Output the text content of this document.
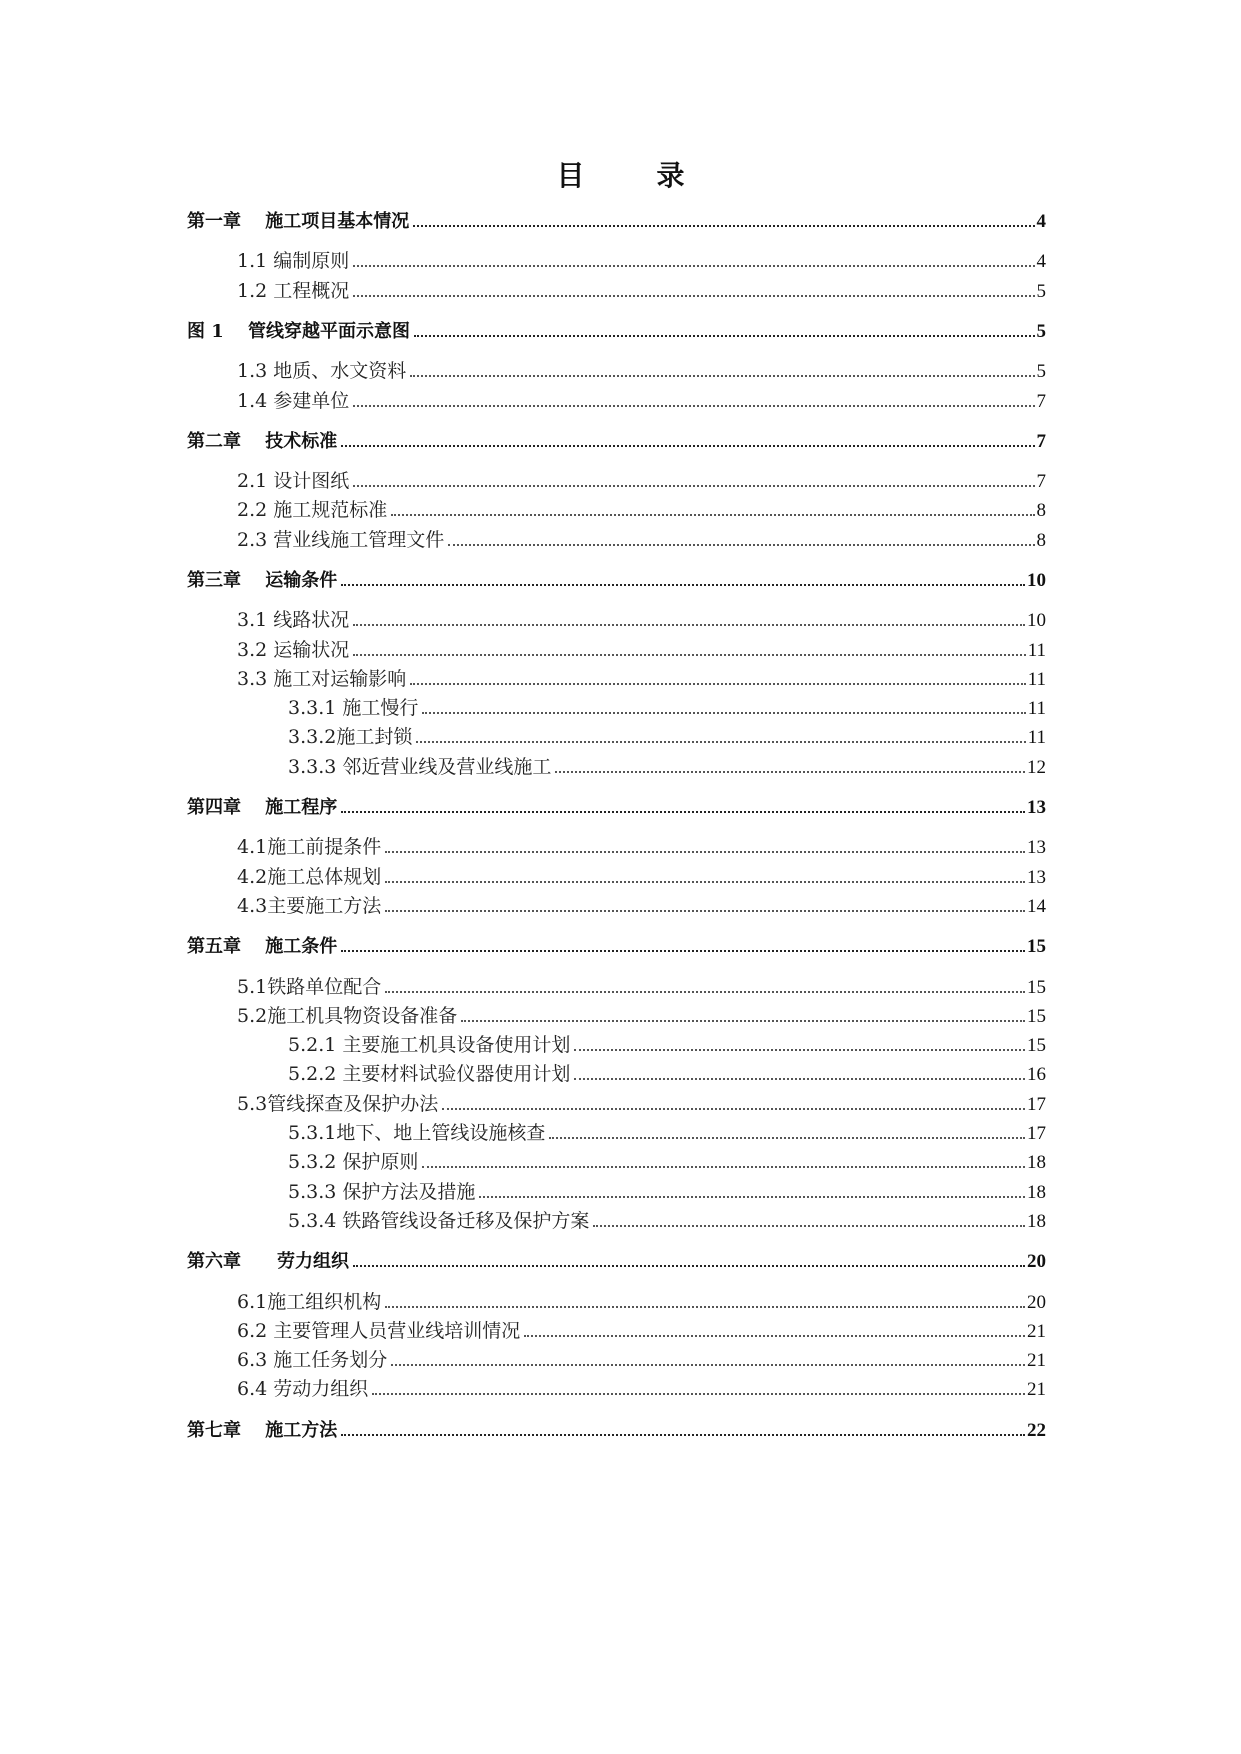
目　录
第一章　 施工项目基本情况	4
1.1 编制原则	4
1.2 工程概况	5
图 1　 管线穿越平面示意图	5
1.3 地质、水文资料	5
1.4 参建单位	7
第二章　 技术标准	7
2.1 设计图纸	7
2.2 施工规范标准	8
2.3 营业线施工管理文件	8
第三章　 运输条件	10
3.1 线路状况	10
3.2 运输状况	11
3.3 施工对运输影响	11
3.3.1 施工慢行	11
3.3.2施工封锁	11
3.3.3 邻近营业线及营业线施工	12
第四章　 施工程序	13
4.1施工前提条件	13
4.2施工总体规划	13
4.3主要施工方法	14
第五章　 施工条件	15
5.1铁路单位配合	15
5.2施工机具物资设备准备	15
5.2.1 主要施工机具设备使用计划	15
5.2.2 主要材料试验仪器使用计划	16
5.3管线探查及保护办法	17
5.3.1地下、地上管线设施核查	17
5.3.2 保护原则	18
5.3.3 保护方法及措施	18
5.3.4 铁路管线设备迁移及保护方案	18
第六章　　劳力组织	20
6.1施工组织机构	20
6.2 主要管理人员营业线培训情况	21
6.3 施工任务划分	21
6.4 劳动力组织	21
第七章　 施工方法	22
